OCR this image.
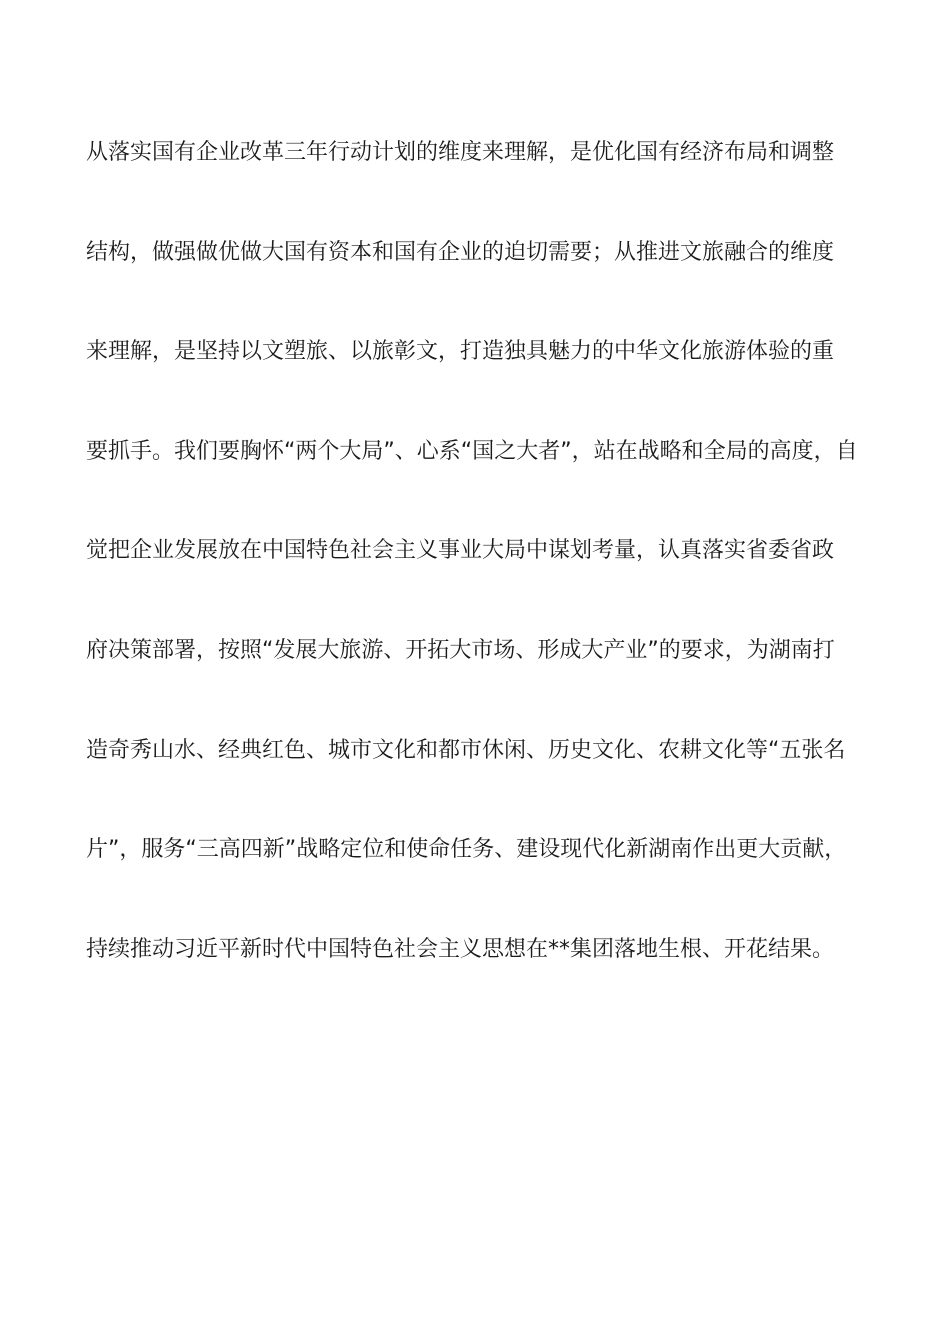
从落实国有企业改革三年行动计划的维度来理解，是优化国有经济布局和调整
结构，做强做优做大国有资本和国有企业的迫切需要；从推进文旅融合的维度
来理解，是坚持以文塑旅、以旅彰文，打造独具魅力的中华文化旅游体验的重
要抓手。我们要胸怀“两个大局”、心系“国之大者”，站在战略和全局的高度，自
觉把企业发展放在中国特色社会主义事业大局中谋划考量，认真落实省委省政
府决策部署，按照“发展大旅游、开拓大市场、形成大产业”的要求，为湖南打
造奇秀山水、经典红色、城市文化和都市休闲、历史文化、农耕文化等“五张名
片”，服务“三高四新”战略定位和使命任务、建设现代化新湖南作出更大贡献，
持续推动习近平新时代中国特色社会主义思想在**集团落地生根、开花结果。
